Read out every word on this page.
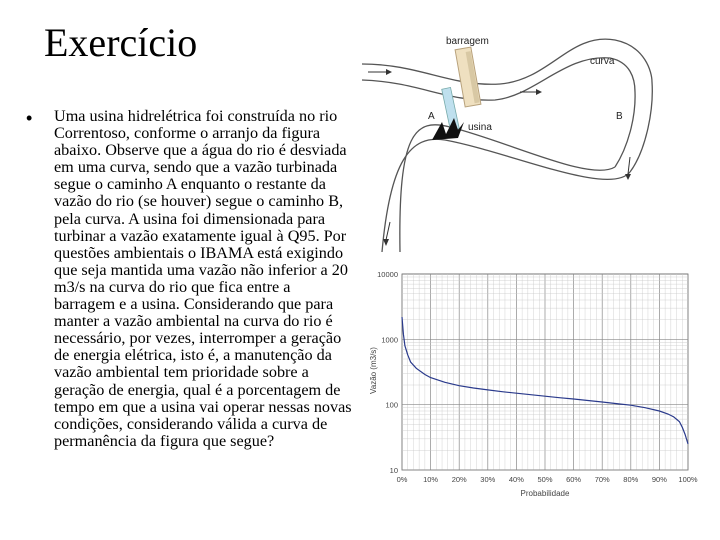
Exercício
• Uma usina hidrelétrica foi construída no rio Correntoso, conforme o arranjo da figura abaixo. Observe que a água do rio é desviada em uma curva, sendo que a vazão turbinada segue o caminho A enquanto o restante da vazão do rio (se houver) segue o caminho B, pela curva. A usina foi dimensionada para turbinar a vazão exatamente igual à Q95. Por questões ambientais o IBAMA está exigindo que seja mantida uma vazão não inferior a 20 m3/s na curva do rio que fica entre a barragem e a usina. Considerando que para manter a vazão ambiental na curva do rio é necessário, por vezes, interromper a geração de energia elétrica, isto é, a manutenção da vazão ambiental tem prioridade sobre a geração de energia, qual é a porcentagem de tempo em que a usina vai operar nessas novas condições, considerando válida a curva de permanência da figura que segue?

barragem
curva
usina
A	B
0% 10% 20% 30% 40% 50% 60% 70% 80% 90% 100%
10
100
1000
10000
Vazão (m3/s)
Probabilidade
